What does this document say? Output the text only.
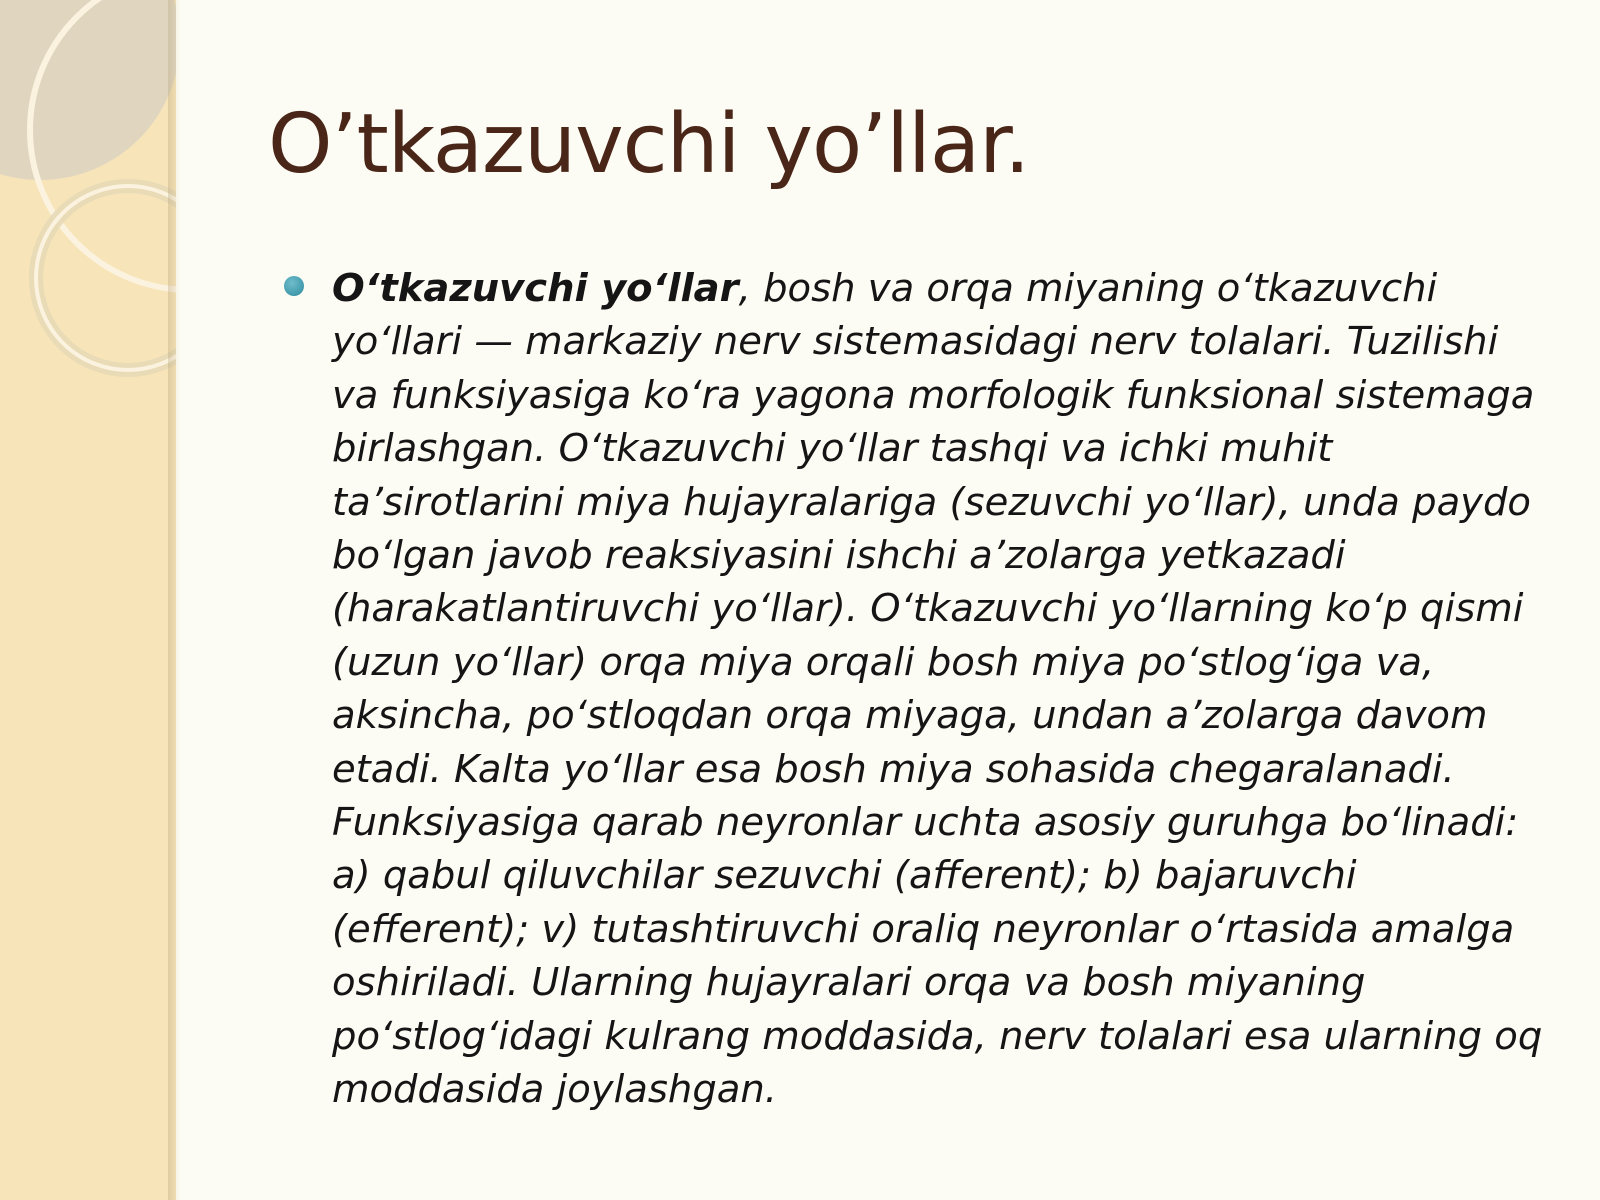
O’tkazuvchi yo’llar.

O‘tkazuvchi yo‘llar, bosh va orqa miyaning o‘tkazuvchi yo‘llari — markaziy nerv sistemasidagi nerv tolalari. Tuzilishi va funksiyasiga ko‘ra yagona morfologik funksional sistemaga birlashgan. O‘tkazuvchi yo‘llar tashqi va ichki muhit ta’sirotlarini miya hujayralariga (sezuvchi yo‘llar), unda paydo bo‘lgan javob reaksiyasini ishchi a’zolarga yetkazadi (harakatlantiruvchi yo‘llar). O‘tkazuvchi yo‘llarning ko‘p qismi (uzun yo‘llar) orqa miya orqali bosh miya po‘stlog‘iga va, aksincha, po‘stloqdan orqa miyaga, undan a’zolarga davom etadi. Kalta yo‘llar esa bosh miya sohasida chegaralanadi. Funksiyasiga qarab neyronlar uchta asosiy guruhga bo‘linadi: a) qabul qiluvchilar sezuvchi (afferent); b) bajaruvchi (efferent); v) tutashtiruvchi oraliq neyronlar o‘rtasida amalga oshiriladi. Ularning hujayralari orqa va bosh miyaning po‘stlog‘idagi kulrang moddasida, nerv tolalari esa ularning oq moddasida joylashgan.
